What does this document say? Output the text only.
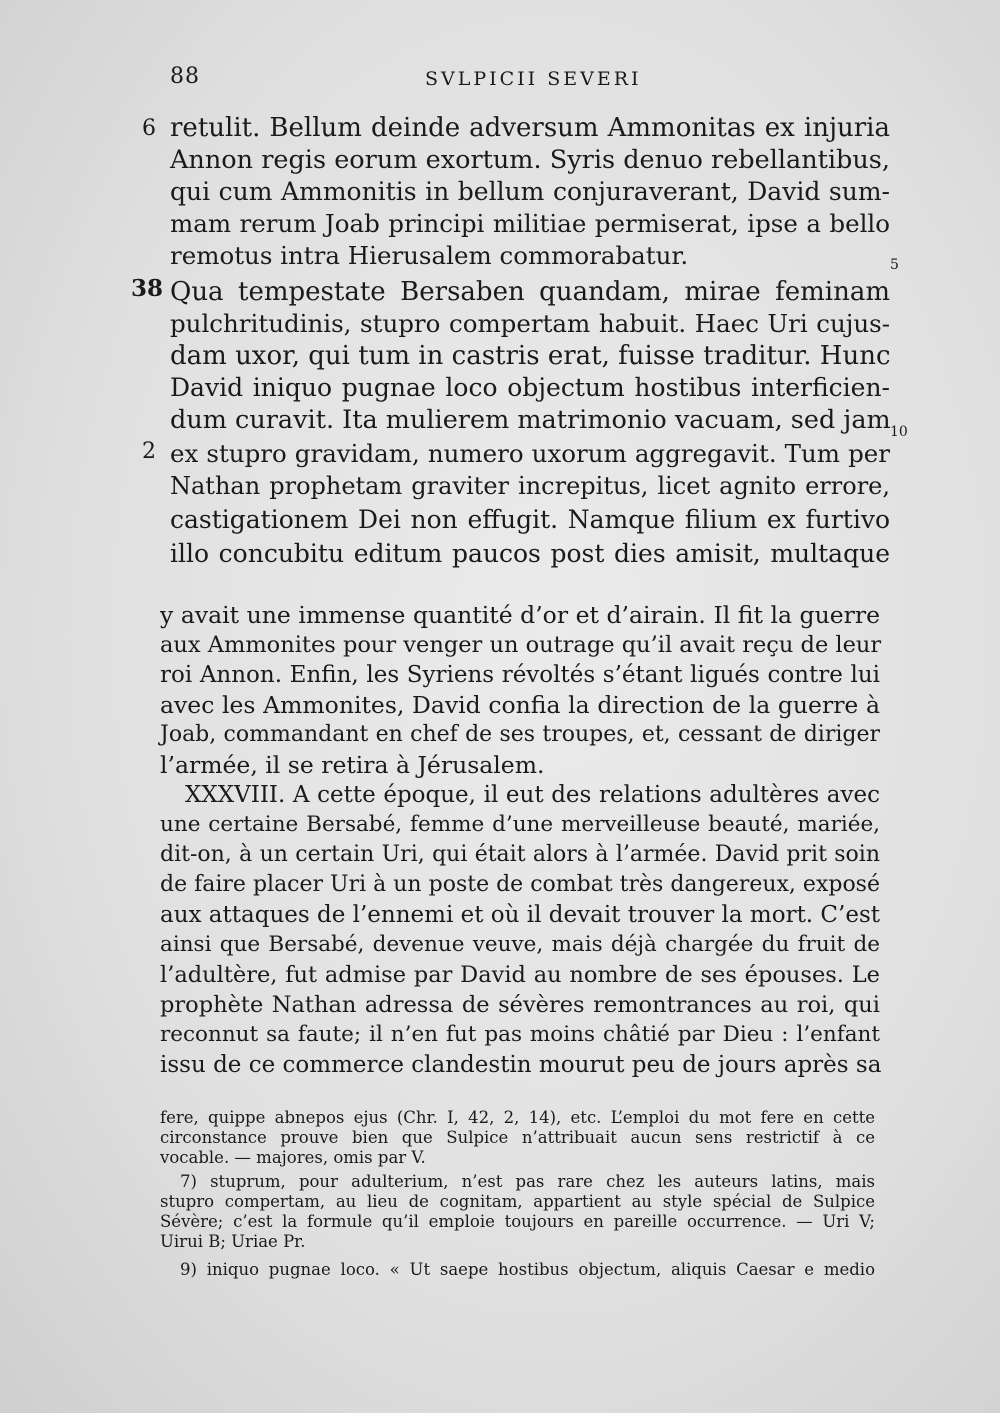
88	SVLPICII SEVERI
6
38
2
5
10
retulit. Bellum deinde adversum Ammonitas ex injuria
Annon regis eorum exortum. Syris denuo rebellantibus,
qui cum Ammonitis in bellum conjuraverant, David sum-
mam rerum Joab principi militiae permiserat, ipse a bello
remotus intra Hierusalem commorabatur.
Qua tempestate Bersaben quandam, mirae feminam
pulchritudinis, stupro compertam habuit. Haec Uri cujus-
dam uxor, qui tum in castris erat, fuisse traditur. Hunc
David iniquo pugnae loco objectum hostibus interficien-
dum curavit. Ita mulierem matrimonio vacuam, sed jam
ex stupro gravidam, numero uxorum aggregavit. Tum per
Nathan prophetam graviter increpitus, licet agnito errore,
castigationem Dei non effugit. Namque filium ex furtivo
illo concubitu editum paucos post dies amisit, multaque
y avait une immense quantité d’or et d’airain. Il fit la guerre
aux Ammonites pour venger un outrage qu’il avait reçu de leur
roi Annon. Enfin, les Syriens révoltés s’étant ligués contre lui
avec les Ammonites, David confia la direction de la guerre à
Joab, commandant en chef de ses troupes, et, cessant de diriger
l’armée, il se retira à Jérusalem.
XXXVIII. A cette époque, il eut des relations adultères avec
une certaine Bersabé, femme d’une merveilleuse beauté, mariée,
dit-on, à un certain Uri, qui était alors à l’armée. David prit soin
de faire placer Uri à un poste de combat très dangereux, exposé
aux attaques de l’ennemi et où il devait trouver la mort. C’est
ainsi que Bersabé, devenue veuve, mais déjà chargée du fruit de
l’adultère, fut admise par David au nombre de ses épouses. Le
prophète Nathan adressa de sévères remontrances au roi, qui
reconnut sa faute; il n’en fut pas moins châtié par Dieu : l’enfant
issu de ce commerce clandestin mourut peu de jours après sa
fere, quippe abnepos ejus (Chr. I, 42, 2, 14), etc. L’emploi du mot fere en cette
circonstance prouve bien que Sulpice n’attribuait aucun sens restrictif à ce
vocable. — majores, omis par V.
7) stuprum, pour adulterium, n’est pas rare chez les auteurs latins, mais
stupro compertam, au lieu de cognitam, appartient au style spécial de Sulpice
Sévère; c’est la formule qu’il emploie toujours en pareille occurrence. — Uri V;
Uirui B; Uriae Pr.
9) iniquo pugnae loco. « Ut saepe hostibus objectum, aliquis Caesar e medio
